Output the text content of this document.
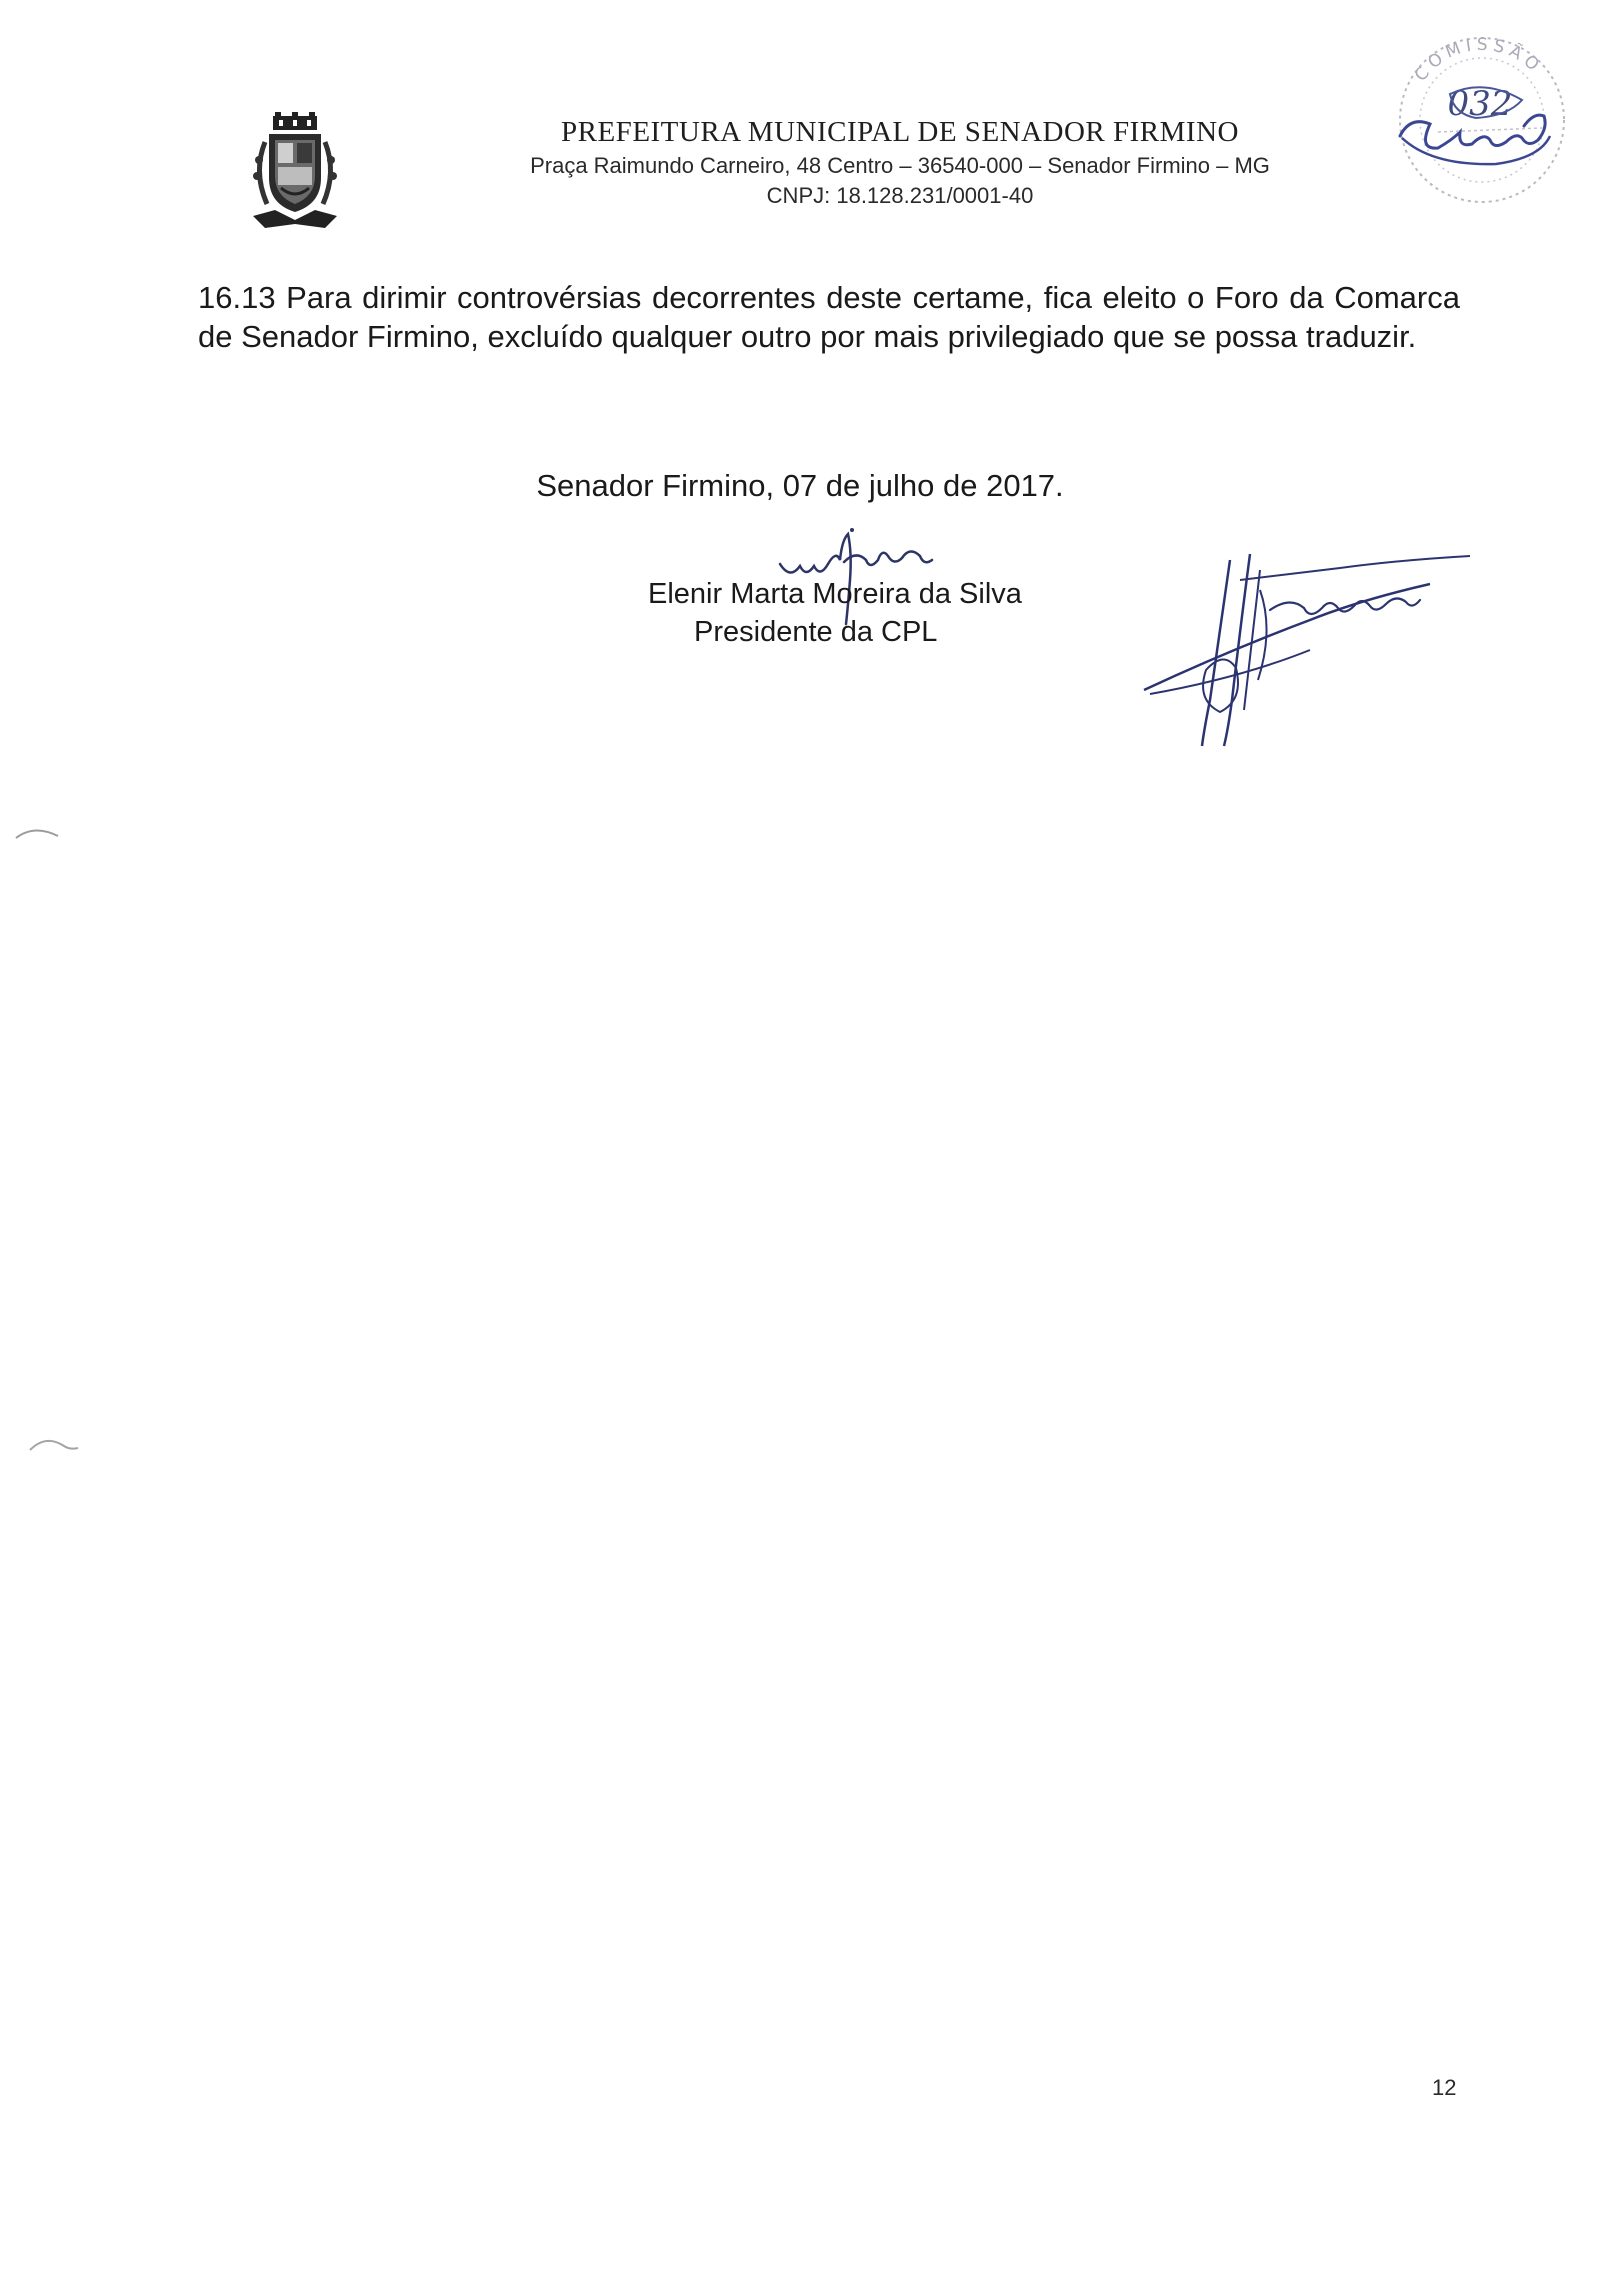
PREFEITURA MUNICIPAL DE SENADOR FIRMINO
Praça Raimundo Carneiro, 48 Centro – 36540-000 – Senador Firmino – MG
CNPJ: 18.128.231/0001-40
COMISSÃO
032
16.13 Para dirimir controvérsias decorrentes deste certame, fica eleito o Foro da Comarca de Senador Firmino, excluído qualquer outro por mais privilegiado que se possa traduzir.
Senador Firmino, 07 de julho de 2017.
Elenir Marta Moreira da Silva
Presidente da CPL
12
